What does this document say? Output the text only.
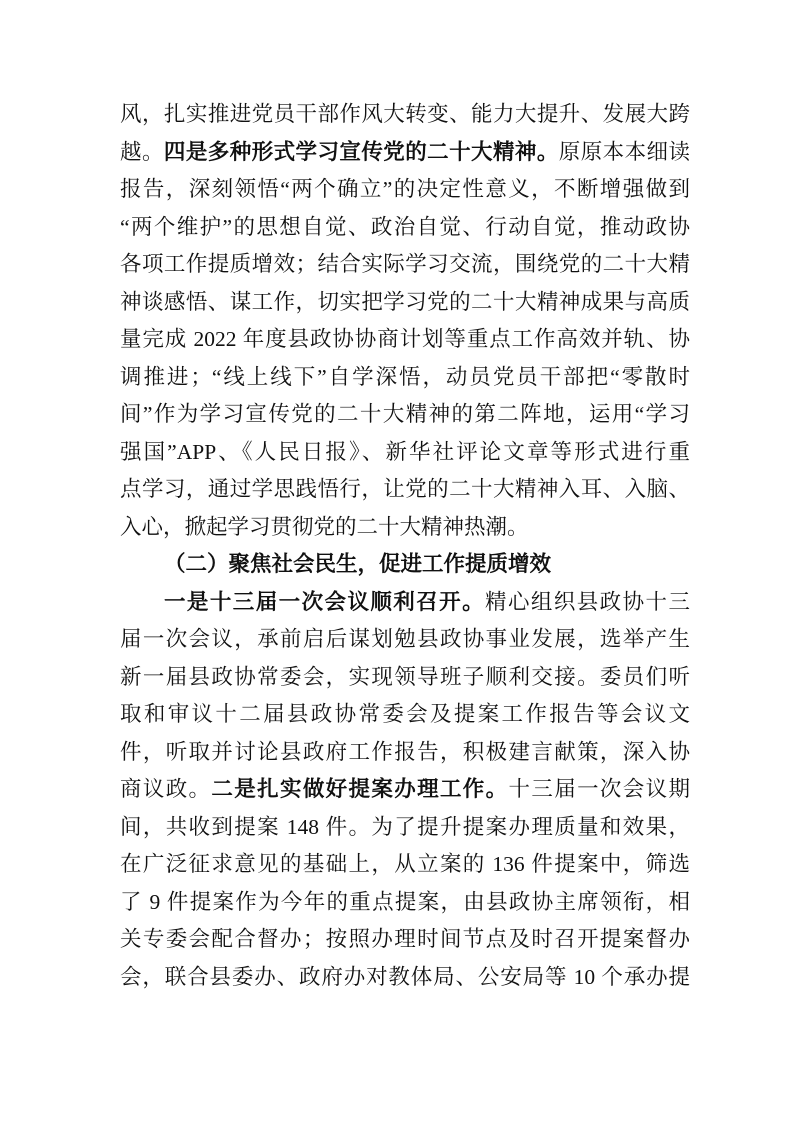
风，扎实推进党员干部作风大转变、能力大提升、发展大跨
越。四是多种形式学习宣传党的二十大精神。原原本本细读
报告，深刻领悟“两个确立”的决定性意义，不断增强做到
“两个维护”的思想自觉、政治自觉、行动自觉，推动政协
各项工作提质增效；结合实际学习交流，围绕党的二十大精
神谈感悟、谋工作，切实把学习党的二十大精神成果与高质
量完成 2022 年度县政协协商计划等重点工作高效并轨、协
调推进；“线上线下”自学深悟，动员党员干部把“零散时
间”作为学习宣传党的二十大精神的第二阵地，运用“学习
强国”APP、《人民日报》、新华社评论文章等形式进行重
点学习，通过学思践悟行，让党的二十大精神入耳、入脑、
入心，掀起学习贯彻党的二十大精神热潮。
（二）聚焦社会民生，促进工作提质增效
一是十三届一次会议顺利召开。精心组织县政协十三
届一次会议，承前启后谋划勉县政协事业发展，选举产生
新一届县政协常委会，实现领导班子顺利交接。委员们听
取和审议十二届县政协常委会及提案工作报告等会议文
件，听取并讨论县政府工作报告，积极建言献策，深入协
商议政。二是扎实做好提案办理工作。十三届一次会议期
间，共收到提案 148 件。为了提升提案办理质量和效果，
在广泛征求意见的基础上，从立案的 136 件提案中，筛选
了 9 件提案作为今年的重点提案，由县政协主席领衔，相
关专委会配合督办；按照办理时间节点及时召开提案督办
会，联合县委办、政府办对教体局、公安局等 10 个承办提
